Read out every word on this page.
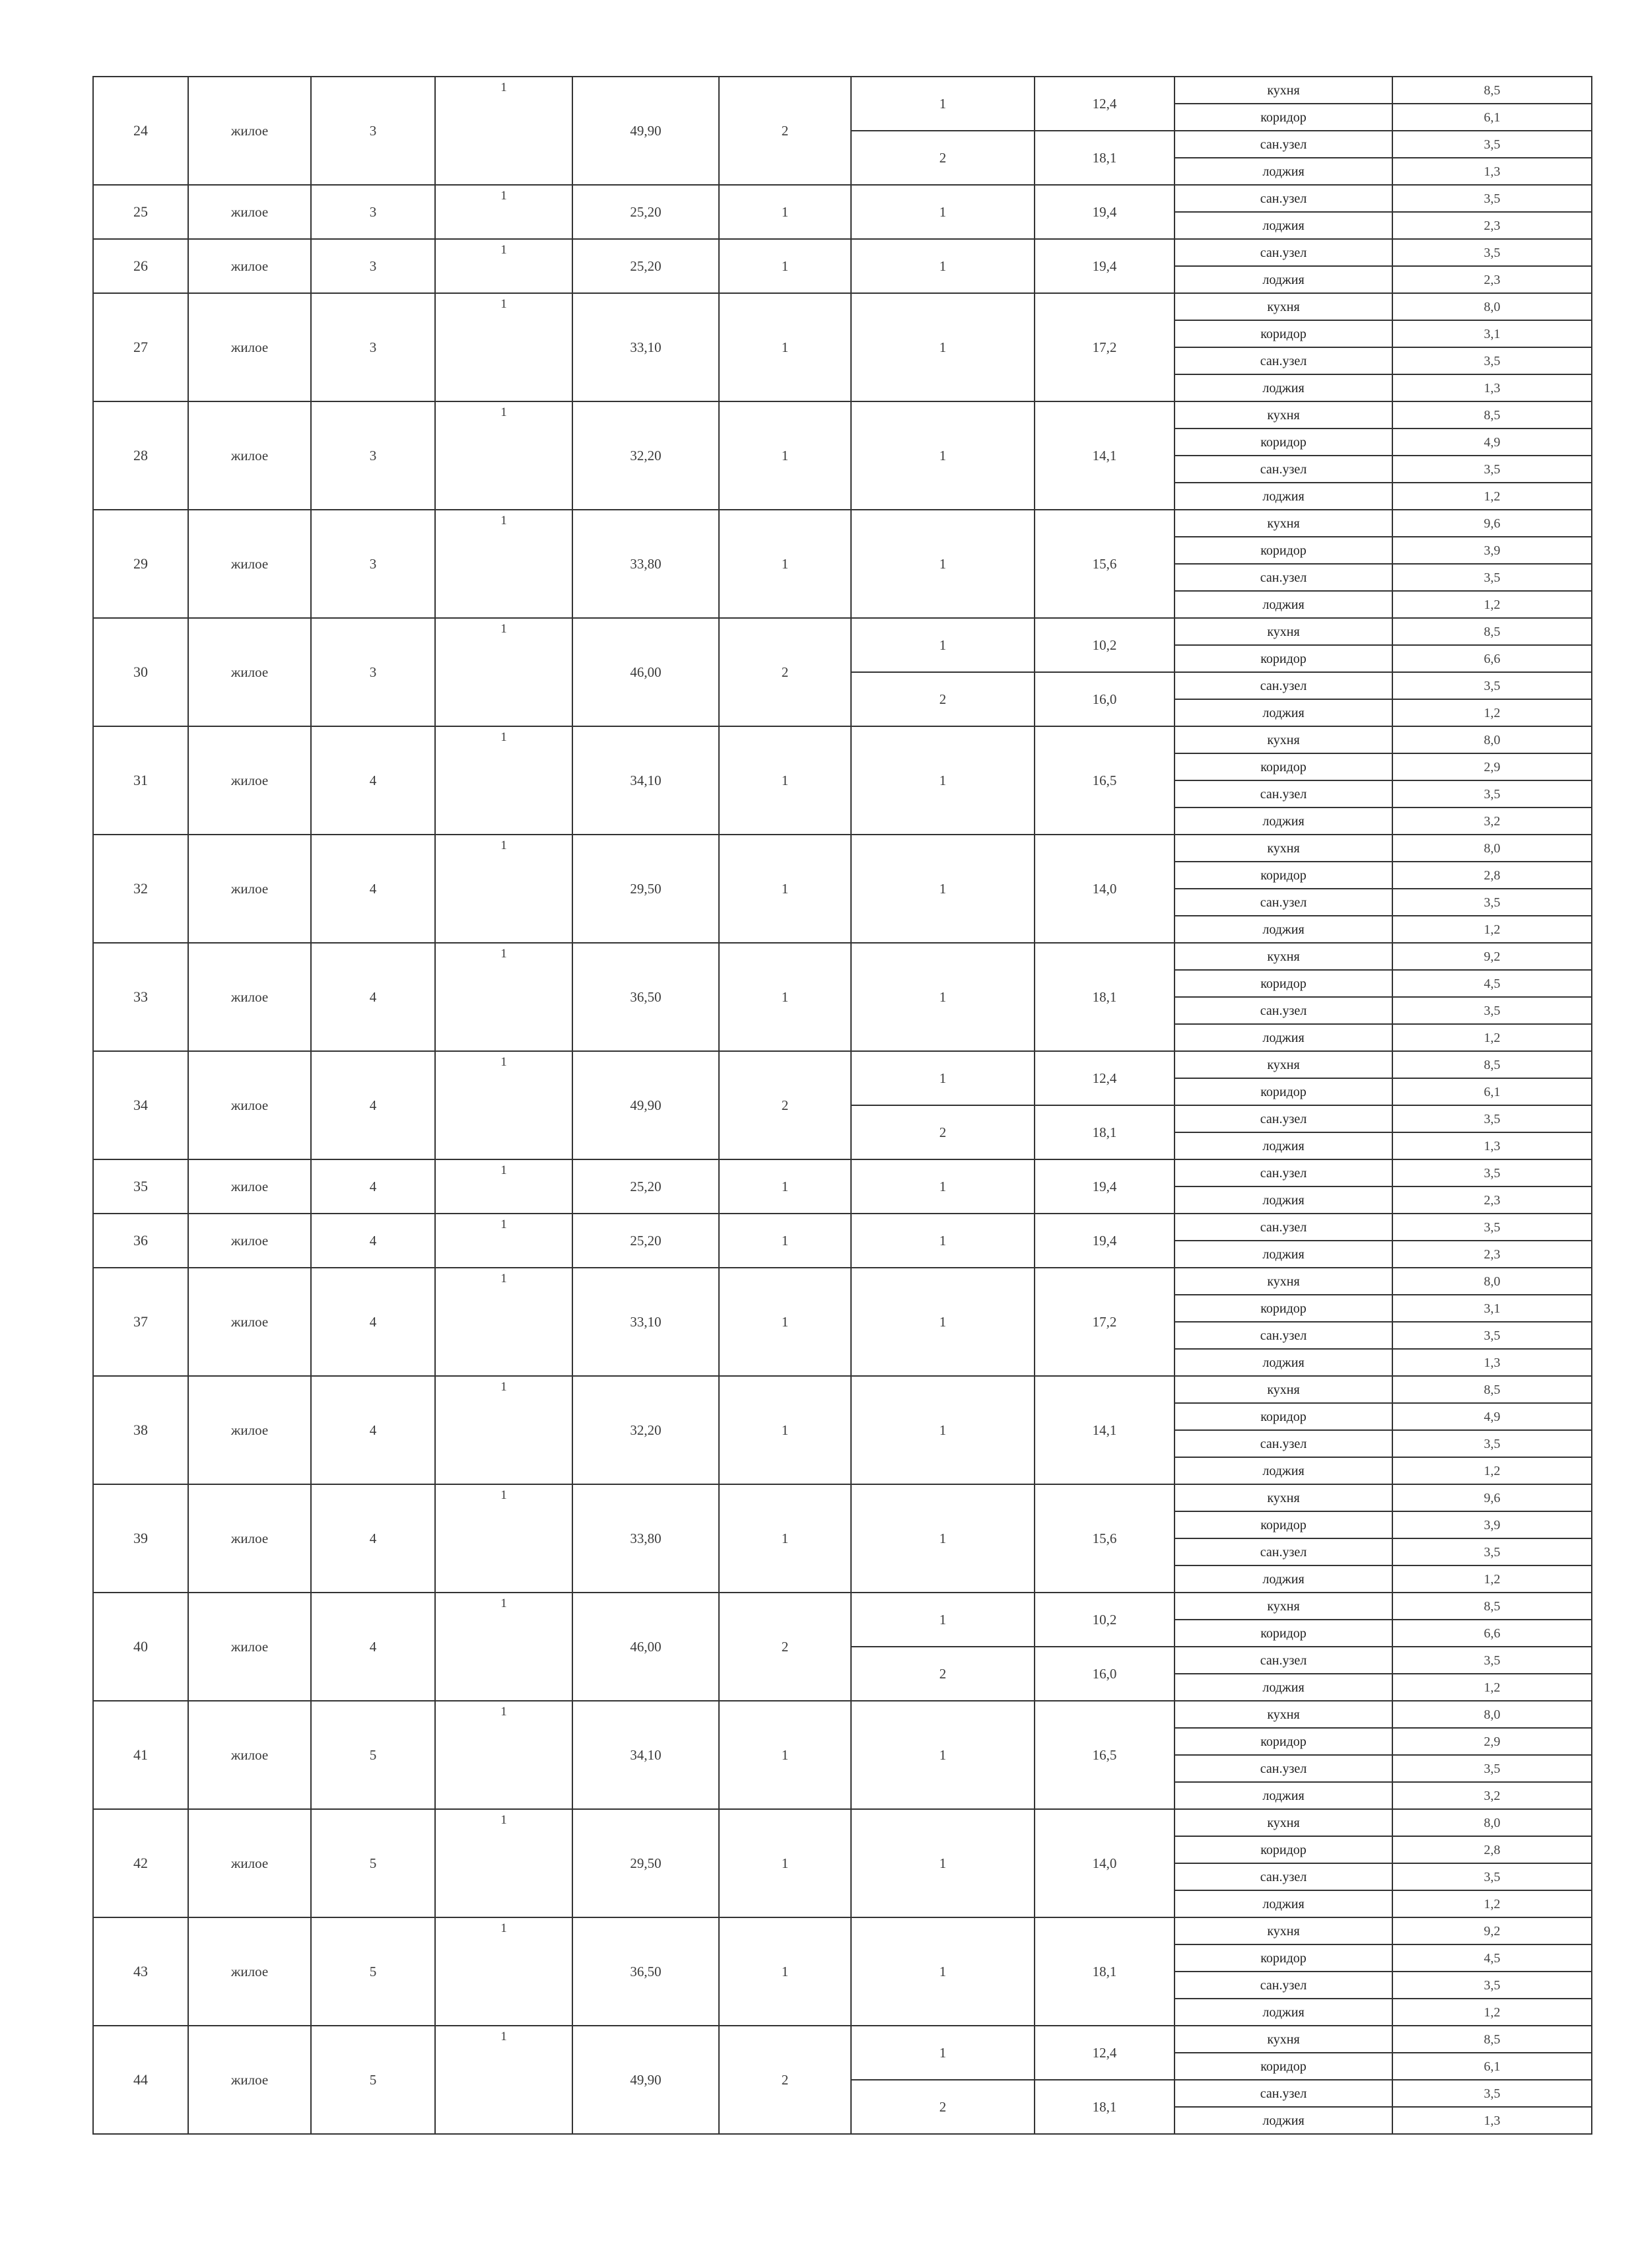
24	жилое	3	1	49,90	2	1	12,4	кухня	8,5
								коридор	6,1
						2	18,1	сан.узел	3,5
								лоджия	1,3
25	жилое	3	1	25,20	1	1	19,4	сан.узел	3,5
								лоджия	2,3
26	жилое	3	1	25,20	1	1	19,4	сан.узел	3,5
								лоджия	2,3
27	жилое	3	1	33,10	1	1	17,2	кухня	8,0
								коридор	3,1
								сан.узел	3,5
								лоджия	1,3
28	жилое	3	1	32,20	1	1	14,1	кухня	8,5
								коридор	4,9
								сан.узел	3,5
								лоджия	1,2
29	жилое	3	1	33,80	1	1	15,6	кухня	9,6
								коридор	3,9
								сан.узел	3,5
								лоджия	1,2
30	жилое	3	1	46,00	2	1	10,2	кухня	8,5
								коридор	6,6
						2	16,0	сан.узел	3,5
								лоджия	1,2
31	жилое	4	1	34,10	1	1	16,5	кухня	8,0
								коридор	2,9
								сан.узел	3,5
								лоджия	3,2
32	жилое	4	1	29,50	1	1	14,0	кухня	8,0
								коридор	2,8
								сан.узел	3,5
								лоджия	1,2
33	жилое	4	1	36,50	1	1	18,1	кухня	9,2
								коридор	4,5
								сан.узел	3,5
								лоджия	1,2
34	жилое	4	1	49,90	2	1	12,4	кухня	8,5
								коридор	6,1
						2	18,1	сан.узел	3,5
								лоджия	1,3
35	жилое	4	1	25,20	1	1	19,4	сан.узел	3,5
								лоджия	2,3
36	жилое	4	1	25,20	1	1	19,4	сан.узел	3,5
								лоджия	2,3
37	жилое	4	1	33,10	1	1	17,2	кухня	8,0
								коридор	3,1
								сан.узел	3,5
								лоджия	1,3
38	жилое	4	1	32,20	1	1	14,1	кухня	8,5
								коридор	4,9
								сан.узел	3,5
								лоджия	1,2
39	жилое	4	1	33,80	1	1	15,6	кухня	9,6
								коридор	3,9
								сан.узел	3,5
								лоджия	1,2
40	жилое	4	1	46,00	2	1	10,2	кухня	8,5
								коридор	6,6
						2	16,0	сан.узел	3,5
								лоджия	1,2
41	жилое	5	1	34,10	1	1	16,5	кухня	8,0
								коридор	2,9
								сан.узел	3,5
								лоджия	3,2
42	жилое	5	1	29,50	1	1	14,0	кухня	8,0
								коридор	2,8
								сан.узел	3,5
								лоджия	1,2
43	жилое	5	1	36,50	1	1	18,1	кухня	9,2
								коридор	4,5
								сан.узел	3,5
								лоджия	1,2
44	жилое	5	1	49,90	2	1	12,4	кухня	8,5
								коридор	6,1
						2	18,1	сан.узел	3,5
								лоджия	1,3
